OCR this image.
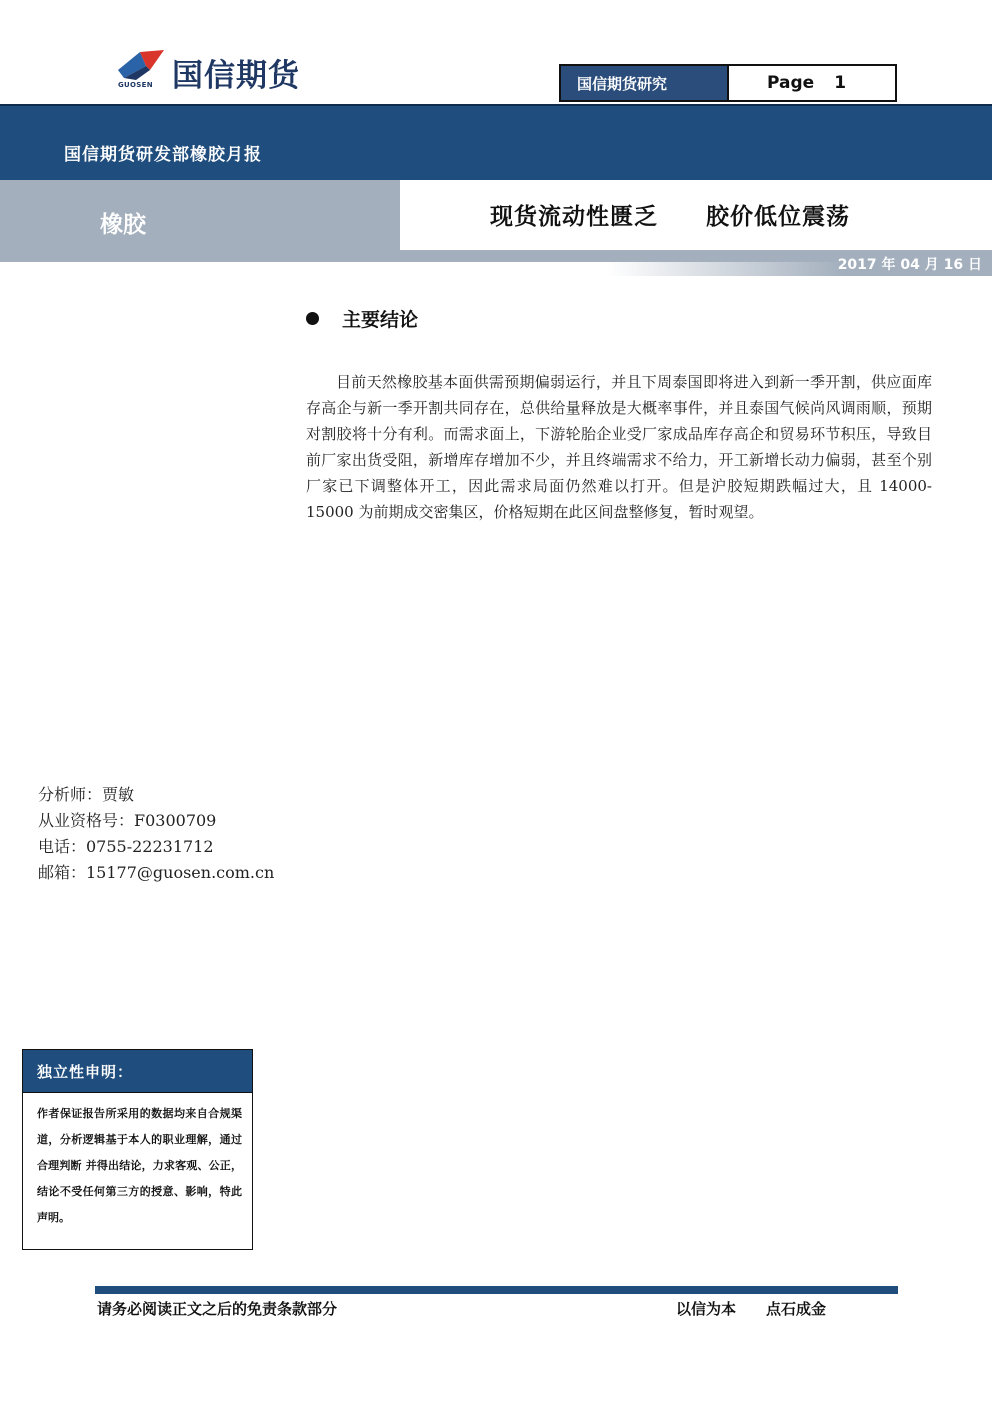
国信期货
GUOSEN	国信期货研究	Page 1
国信期货研发部橡胶月报
橡胶	现货流动性匮乏　　胶价低位震荡
2017 年 04 月 16 日
主要结论

目前天然橡胶基本面供需预期偏弱运行，并且下周泰国即将进入到新一季开割，供应面库存高企与新一季开割共同存在，总供给量释放是大概率事件，并且泰国气候尚风调雨顺，预期对割胶将十分有利。而需求面上，下游轮胎企业受厂家成品库存高企和贸易环节积压，导致目前厂家出货受阻，新增库存增加不少，并且终端需求不给力，开工新增长动力偏弱，甚至个别厂家已下调整体开工，因此需求局面仍然难以打开。但是沪胶短期跌幅过大，且 14000-15000 为前期成交密集区，价格短期在此区间盘整修复，暂时观望。

分析师：贾敏
从业资格号：F0300709
电话：0755-22231712
邮箱：15177@guosen.com.cn
独立性申明：

作者保证报告所采用的数据均来自合规渠道，分析逻辑基于本人的职业理解，通过合理判断 并得出结论，力求客观、公正，结论不受任何第三方的授意、影响，特此声明。

请务必阅读正文之后的免责条款部分	以信为本　　点石成金
